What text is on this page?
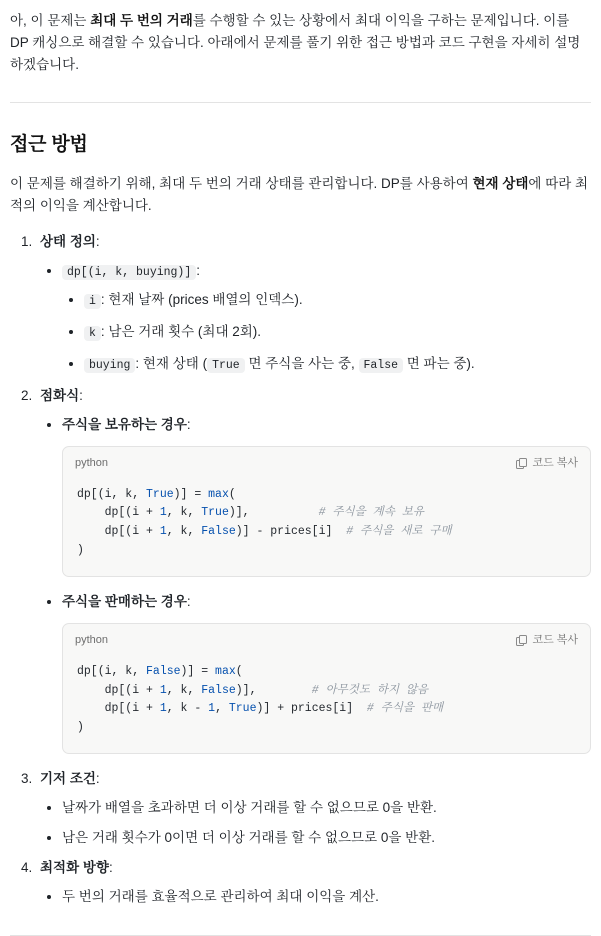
아, 이 문제는 최대 두 번의 거래를 수행할 수 있는 상황에서 최대 이익을 구하는 문제입니다. 이를 DP 캐싱으로 해결할 수 있습니다. 아래에서 문제를 풀기 위한 접근 방법과 코드 구현을 자세히 설명하겠습니다.

접근 방법

이 문제를 해결하기 위해, 최대 두 번의 거래 상태를 관리합니다. DP를 사용하여 현재 상태에 따라 최적의 이익을 계산합니다.

1. 상태 정의:
• dp[(i, k, buying)] :
• i : 현재 날짜 (prices 배열의 인덱스).
• k : 남은 거래 횟수 (최대 2회).
• buying : 현재 상태 ( True 면 주식을 사는 중, False 면 파는 중).
2. 점화식:
• 주식을 보유하는 경우:
python	코드 복사
dp[(i, k, True)] = max(
dp[(i + 1, k, True)],          # 주식을 계속 보유
dp[(i + 1, k, False)] - prices[i]  # 주식을 새로 구매
)
• 주식을 판매하는 경우:
python	코드 복사
dp[(i, k, False)] = max(
dp[(i + 1, k, False)],        # 아무것도 하지 않음
dp[(i + 1, k - 1, True)] + prices[i]  # 주식을 판매
)
3. 기저 조건:
• 날짜가 배열을 초과하면 더 이상 거래를 할 수 없으므로 0을 반환.
• 남은 거래 횟수가 0이면 더 이상 거래를 할 수 없으므로 0을 반환.
4. 최적화 방향:
• 두 번의 거래를 효율적으로 관리하여 최대 이익을 계산.
